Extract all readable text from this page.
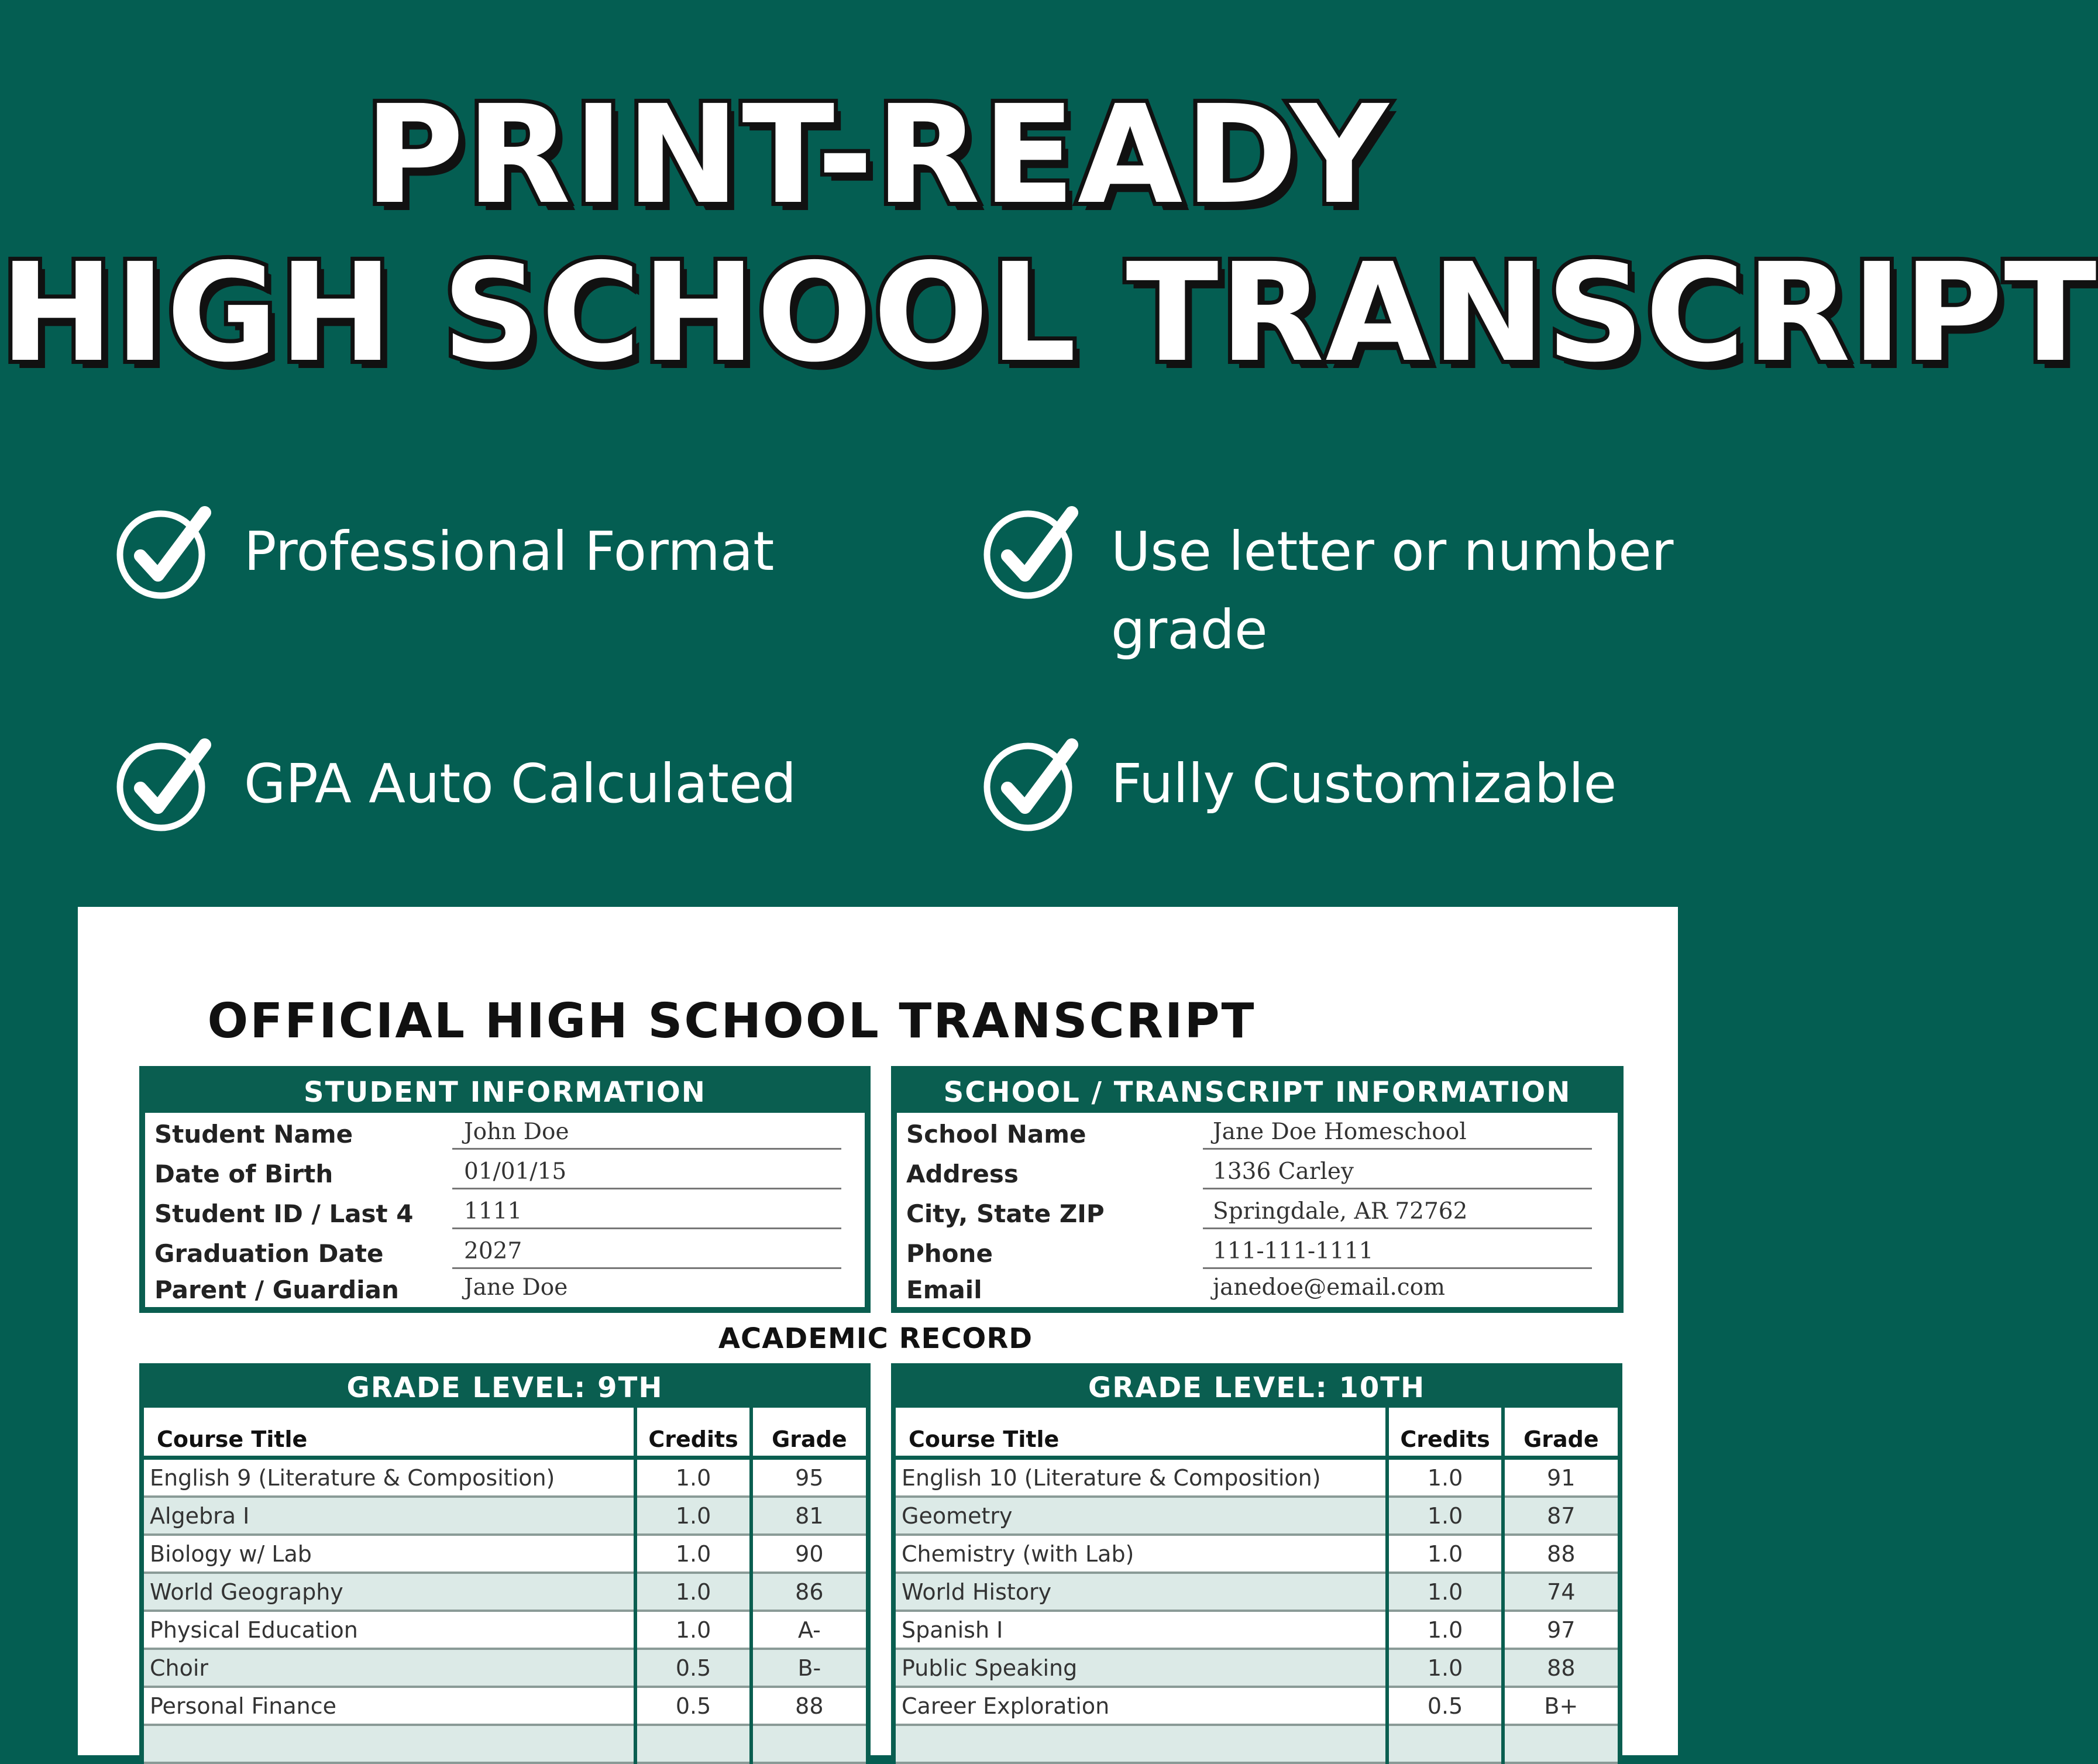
PRINT-READY
HIGH SCHOOL TRANSCRIPT
Professional Format	Use letter or number grade
GPA Auto Calculated	Fully Customizable
OFFICIAL HIGH SCHOOL TRANSCRIPT
STUDENT INFORMATION
Student Name	John Doe
Date of Birth	01/01/15
Student ID / Last 4 1111
Graduation Date	2027
Parent / Guardian	Jane Doe
SCHOOL / TRANSCRIPT INFORMATION
School Name	Jane Doe Homeschool
Address	1336 Carley
City, State ZIP	Springdale, AR 72762
Phone	111-111-1111
Email	janedoe@email.com
ACADEMIC RECORD
GRADE LEVEL: 9TH
Course Title	Credits	Grade
English 9 (Literature & Composition)	1.0	95
Algebra I	1.0	81
Biology w/ Lab	1.0	90
World Geography	1.0	86
Physical Education	1.0	A-
Choir	0.5	B-
Personal Finance	0.5	88

GRADE LEVEL: 10TH
Course Title	Credits	Grade
English 10 (Literature & Composition)	1.0	91
Geometry	1.0	87
Chemistry (with Lab)	1.0	88
World History	1.0	74
Spanish I	1.0	97
Public Speaking	1.0	88
Career Exploration	0.5	B+
